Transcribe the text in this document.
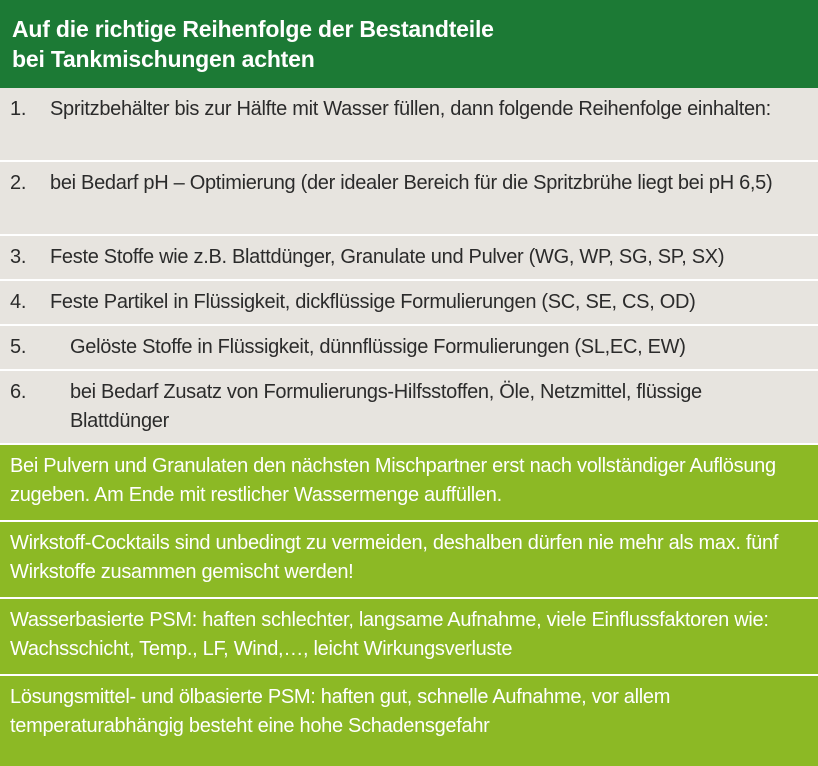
Auf die richtige Reihenfolge der Bestandteile
bei Tankmischungen achten
1.	Spritzbehälter bis zur Hälfte mit Wasser füllen, dann folgende Reihenfolge einhalten:
2.	bei Bedarf pH – Optimierung (der idealer Bereich für die Spritzbrühe liegt bei pH 6,5)
3.	Feste Stoffe wie z.B. Blattdünger, Granulate und Pulver (WG, WP, SG, SP, SX)
4.	Feste Partikel in Flüssigkeit, dickflüssige Formulierungen (SC, SE, CS, OD)
5.	Gelöste Stoffe in Flüssigkeit, dünnflüssige Formulierungen (SL,EC, EW)
6.	bei Bedarf Zusatz von Formulierungs-Hilfsstoffen, Öle, Netzmittel, flüssige Blattdünger
Bei Pulvern und Granulaten den nächsten Mischpartner erst nach vollständiger Auflösung zugeben. Am Ende mit restlicher Wassermenge auffüllen.
Wirkstoff-Cocktails sind unbedingt zu vermeiden, deshalben dürfen nie mehr als max. fünf Wirkstoffe zusammen gemischt werden!
Wasserbasierte PSM: haften schlechter, langsame Aufnahme, viele Einflussfaktoren wie: Wachsschicht, Temp., LF, Wind,…, leicht Wirkungsverluste
Lösungsmittel- und ölbasierte PSM: haften gut, schnelle Aufnahme, vor allem temperaturabhängig besteht eine hohe Schadensgefahr
